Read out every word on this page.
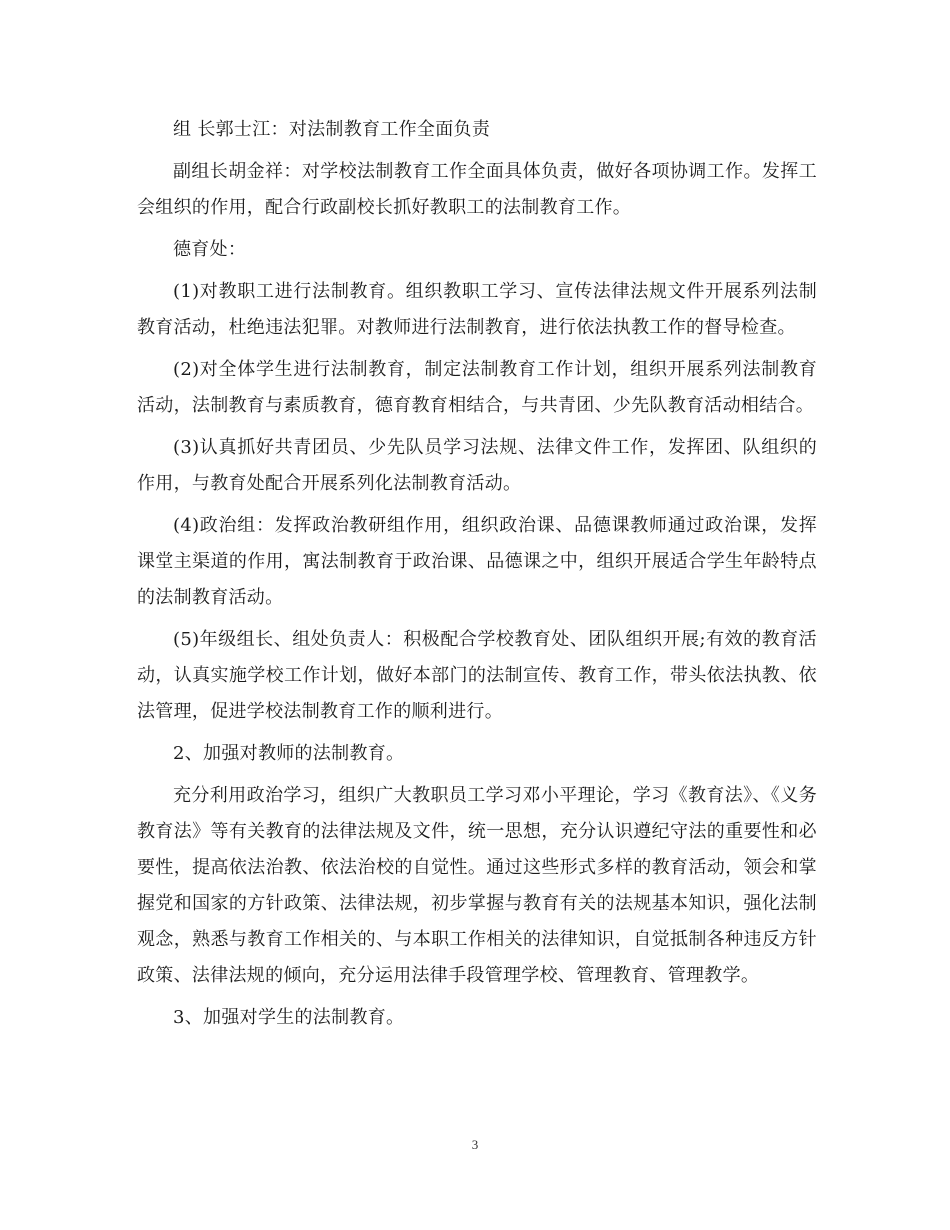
组 长郭士江：对法制教育工作全面负责

副组长胡金祥：对学校法制教育工作全面具体负责，做好各项协调工作。发挥工会组织的作用，配合行政副校长抓好教职工的法制教育工作。

德育处：

(1)对教职工进行法制教育。组织教职工学习、宣传法律法规文件开展系列法制教育活动，杜绝违法犯罪。对教师进行法制教育，进行依法执教工作的督导检查。

(2)对全体学生进行法制教育，制定法制教育工作计划，组织开展系列法制教育活动，法制教育与素质教育，德育教育相结合，与共青团、少先队教育活动相结合。

(3)认真抓好共青团员、少先队员学习法规、法律文件工作，发挥团、队组织的作用，与教育处配合开展系列化法制教育活动。

(4)政治组：发挥政治教研组作用，组织政治课、品德课教师通过政治课，发挥课堂主渠道的作用，寓法制教育于政治课、品德课之中，组织开展适合学生年龄特点的法制教育活动。

(5)年级组长、组处负责人：积极配合学校教育处、团队组织开展;有效的教育活动，认真实施学校工作计划，做好本部门的法制宣传、教育工作，带头依法执教、依法管理，促进学校法制教育工作的顺利进行。

2、加强对教师的法制教育。

充分利用政治学习，组织广大教职员工学习邓小平理论，学习《教育法》、《义务教育法》等有关教育的法律法规及文件，统一思想，充分认识遵纪守法的重要性和必要性，提高依法治教、依法治校的自觉性。通过这些形式多样的教育活动，领会和掌握党和国家的方针政策、法律法规，初步掌握与教育有关的法规基本知识，强化法制观念，熟悉与教育工作相关的、与本职工作相关的法律知识，自觉抵制各种违反方针政策、法律法规的倾向，充分运用法律手段管理学校、管理教育、管理教学。

3、加强对学生的法制教育。

3
